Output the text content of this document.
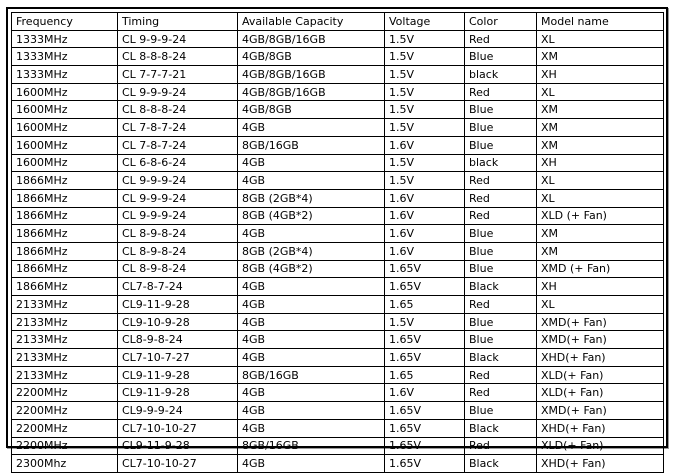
Frequency	Timing	Available Capacity	Voltage	Color	Model name
1333MHz	CL 9-9-9-24	4GB/8GB/16GB	1.5V	Red	XL
1333MHz	CL 8-8-8-24	4GB/8GB	1.5V	Blue	XM
1333MHz	CL 7-7-7-21	4GB/8GB/16GB	1.5V	black	XH
1600MHz	CL 9-9-9-24	4GB/8GB/16GB	1.5V	Red	XL
1600MHz	CL 8-8-8-24	4GB/8GB	1.5V	Blue	XM
1600MHz	CL 7-8-7-24	4GB	1.5V	Blue	XM
1600MHz	CL 7-8-7-24	8GB/16GB	1.6V	Blue	XM
1600MHz	CL 6-8-6-24	4GB	1.5V	black	XH
1866MHz	CL 9-9-9-24	4GB	1.5V	Red	XL
1866MHz	CL 9-9-9-24	8GB (2GB*4)	1.6V	Red	XL
1866MHz	CL 9-9-9-24	8GB (4GB*2)	1.6V	Red	XLD (+ Fan)
1866MHz	CL 8-9-8-24	4GB	1.6V	Blue	XM
1866MHz	CL 8-9-8-24	8GB (2GB*4)	1.6V	Blue	XM
1866MHz	CL 8-9-8-24	8GB (4GB*2)	1.65V	Blue	XMD (+ Fan)
1866MHz	CL7-8-7-24	4GB	1.65V	Black	XH
2133MHz	CL9-11-9-28	4GB	1.65	Red	XL
2133MHz	CL9-10-9-28	4GB	1.5V	Blue	XMD(+ Fan)
2133MHz	CL8-9-8-24	4GB	1.65V	Blue	XMD(+ Fan)
2133MHz	CL7-10-7-27	4GB	1.65V	Black	XHD(+ Fan)
2133MHz	CL9-11-9-28	8GB/16GB	1.65	Red	XLD(+ Fan)
2200MHz	CL9-11-9-28	4GB	1.6V	Red	XLD(+ Fan)
2200MHz	CL9-9-9-24	4GB	1.65V	Blue	XMD(+ Fan)
2200MHz	CL7-10-10-27	4GB	1.65V	Black	XHD(+ Fan)
2200MHz	CL9-11-9-28	8GB/16GB	1.65V	Red	XLD(+ Fan)
2300Mhz	CL7-10-10-27	4GB	1.65V	Black	XHD(+ Fan)
